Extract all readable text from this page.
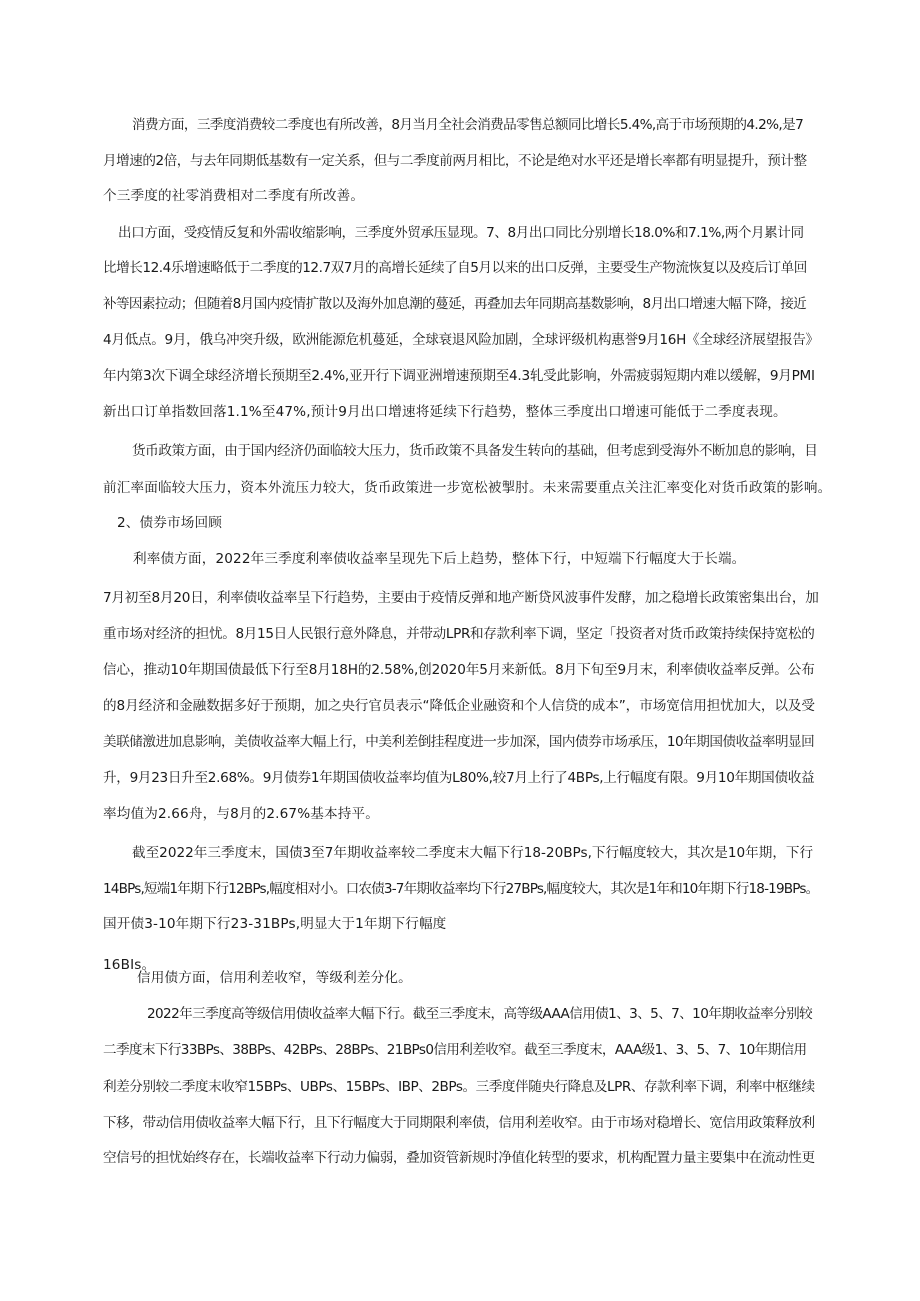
消费方面，三季度消费较二季度也有所改善，8月当月全社会消费品零售总额同比增长5.4%,高于市场预期的4.2%,是7
月增速的2倍，与去年同期低基数有一定关系，但与二季度前两月相比，不论是绝对水平还是增长率都有明显提升，预计整
个三季度的社零消费相对二季度有所改善。
出口方面，受疫情反复和外需收缩影响，三季度外贸承压显现。7、8月出口同比分别增长18.0%和7.1%,两个月累计同
比增长12.4乐增速略低于二季度的12.7双7月的高增长延续了自5月以来的出口反弹，主要受生产物流恢复以及疫后订单回
补等因素拉动；但随着8月国内疫情扩散以及海外加息潮的蔓延，再叠加去年同期高基数影响，8月出口增速大幅下降，接近
4月低点。9月，俄乌冲突升级，欧洲能源危机蔓延，全球衰退风险加剧，全球评级机构惠誉9月16H《全球经济展望报告》
年内第3次下调全球经济增长预期至2.4%,亚开行下调亚洲增速预期至4.3轧受此影响，外需疲弱短期内难以缓解，9月PMI
新出口订单指数回落1.1%至47%,预计9月出口增速将延续下行趋势，整体三季度出口增速可能低于二季度表现。
货币政策方面，由于国内经济仍面临较大压力，货币政策不具备发生转向的基础，但考虑到受海外不断加息的影响，目
前汇率面临较大压力，资本外流压力较大，货币政策进一步宽松被掣肘。未来需要重点关注汇率变化对货币政策的影响。
2、债券市场回顾
利率债方面，2022年三季度利率债收益率呈现先下后上趋势，整体下行，中短端下行幅度大于长端。
7月初至8月20日，利率债收益率呈下行趋势，主要由于疫情反弹和地产断贷风波事件发酵，加之稳增长政策密集出台，加
重市场对经济的担忧。8月15日人民银行意外降息，并带动LPR和存款利率下调，坚定「投资者对货币政策持续保持宽松的
信心，推动10年期国债最低下行至8月18H的2.58%,创2020年5月来新低。8月下旬至9月末，利率债收益率反弹。公布
的8月经济和金融数据多好于预期，加之央行官员表示“降低企业融资和个人信贷的成本”，市场宽信用担忧加大，以及受
美联储激进加息影响，美债收益率大幅上行，中美利差倒挂程度进一步加深，国内债券市场承压，10年期国债收益率明显回
升，9月23日升至2.68%。9月债券1年期国债收益率均值为L80%,较7月上行了4BPs,上行幅度有限。9月10年期国债收益
率均值为2.66舟，与8月的2.67%基本持平。
截至2022年三季度末，国债3至7年期收益率较二季度末大幅下行18-20BPs,下行幅度较大，其次是10年期，下行
14BPs,短端1年期下行12BPs,幅度相对小。口农债3-7年期收益率均下行27BPs,幅度较大，其次是1年和10年期下行18-19BPs。
国开债3-10年期下行23-31BPs,明显大于1年期下行幅度
16BIs。
信用债方面，信用利差收窄，等级利差分化。
2022年三季度高等级信用债收益率大幅下行。截至三季度末，高等级AAA信用债1、3、5、7、10年期收益率分别较
二季度末下行33BPs、38BPs、42BPs、28BPs、21BPs0信用利差收窄。截至三季度末，AAA级1、3、5、7、10年期信用
利差分别较二季度末收窄15BPs、UBPs、15BPs、IBP、2BPs。三季度伴随央行降息及LPR、存款利率下调，利率中枢继续
下移，带动信用债收益率大幅下行，且下行幅度大于同期限利率债，信用利差收窄。由于市场对稳增长、宽信用政策释放利
空信号的担忧始终存在，长端收益率下行动力偏弱，叠加资管新规时净值化转型的要求，机构配置力量主要集中在流动性更
